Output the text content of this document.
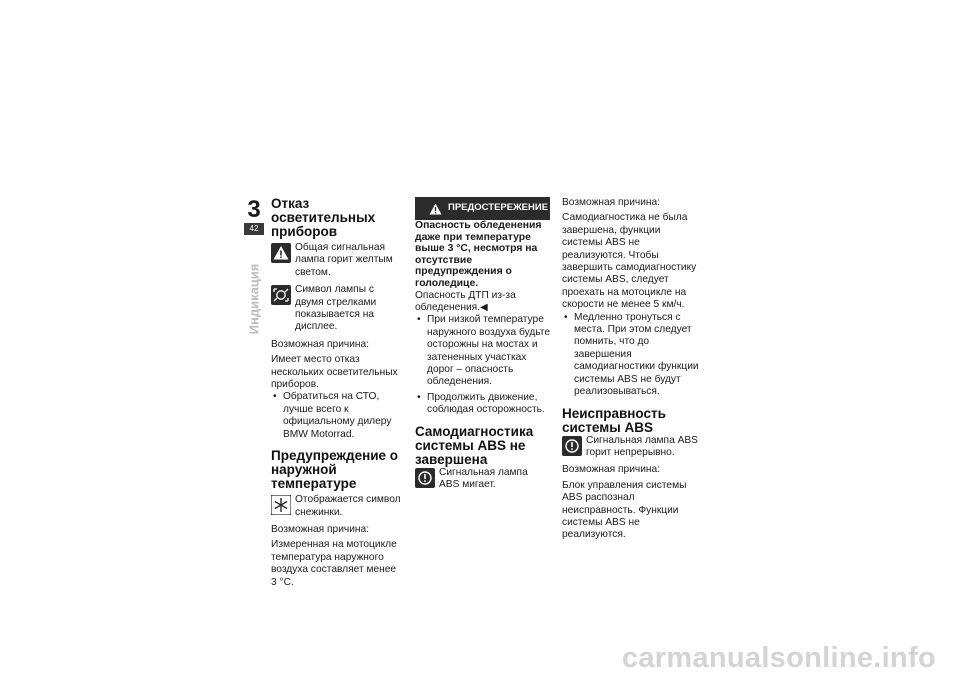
3
42
Индикация
Отказ осветительных приборов

Общая сигнальная лампа горит желтым светом.

Символ лампы с двумя стрелками показывается на дисплее.

Возможная причина:

Имеет место отказ нескольких осветительных приборов.

• Обратиться на СТО, лучше всего к официальному дилеру BMW Motorrad.

Предупреждение о наружной температуре

Отображается символ снежинки.

Возможная причина:

Измеренная на мотоцикле температура наружного воздуха составляет менее 3 °С.

ПРЕДОСТЕРЕЖЕНИЕ

Опасность обледенения даже при температуре выше 3 °С, несмотря на отсутствие предупреждения о гололедице.

Опасность ДТП из-за обледенения.◀

• При низкой температуре наружного воздуха будьте осторожны на мостах и затененных участках дорог – опасность обледенения.

• Продолжить движение, соблюдая осторожность.

Самодиагностика системы ABS не завершена

Сигнальная лампа ABS мигает.

Возможная причина:

Самодиагностика не была завершена, функции системы ABS не реализуются. Чтобы завершить самодиагностику системы ABS, следует проехать на мотоцикле на скорости не менее 5 км/ч.

• Медленно тронуться с места. При этом следует помнить, что до завершения самодиагностики функции системы ABS не будут реализовываться.

Неисправность системы ABS

Сигнальная лампа ABS горит непрерывно.

Возможная причина:

Блок управления системы ABS распознал неисправность. Функции системы ABS не реализуются.

carmanualsonline.info
